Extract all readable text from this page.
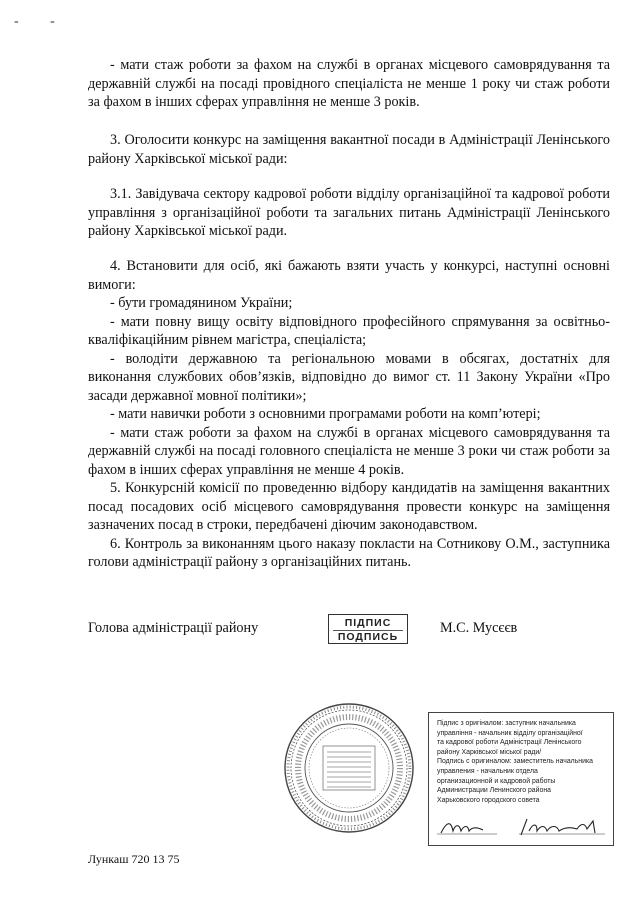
- -

- мати стаж роботи за фахом на службі в органах місцевого самоврядування та державній службі на посаді провідного спеціаліста не менше 1 року чи стаж роботи за фахом в інших сферах управління не менше 3 років.

3. Оголосити конкурс на заміщення вакантної посади в Адміністрації Ленінського району Харківської міської ради:

3.1. Завідувача сектору кадрової роботи відділу організаційної та кадрової роботи управління з організаційної роботи та загальних питань Адміністрації Ленінського району Харківської міської ради.

4. Встановити для осіб, які бажають взяти участь у конкурсі, наступні основні вимоги:

- бути громадянином України;

- мати повну вищу освіту відповідного професійного спрямування за освітньо-кваліфікаційним рівнем магістра, спеціаліста;

- володіти державною та регіональною мовами в обсягах, достатніх для виконання службових обов’язків, відповідно до вимог ст. 11 Закону України «Про засади державної мовної політики»;

- мати навички роботи з основними програмами роботи на комп’ютері;

- мати стаж роботи за фахом на службі в органах місцевого самоврядування та державній службі на посаді головного спеціаліста не менше 3 роки чи стаж роботи за фахом в інших сферах управління не менше 4 років.

5. Конкурсній комісії по проведенню відбору кандидатів на заміщення вакантних посад посадових осіб місцевого самоврядування провести конкурс на заміщення зазначених посад в строки, передбачені діючим законодавством.

6. Контроль за виконанням цього наказу покласти на Сотникову О.М., заступника голови адміністрації району з організаційних питань.

Голова адміністрації району	ПІДПИС
ПОДПИСЬ
М.С. Мусєєв
Підпис з оригіналом: заступник начальника
управління - начальник відділу організаційної
та кадрової роботи Адміністрації Ленінського
району Харківської міської ради/
Подпись с оригиналом: заместитель начальника
управления - начальник отдела
организационной и кадровой работы
Администрации Ленинского района
Харьковского городского совета
Лункаш 720 13 75
